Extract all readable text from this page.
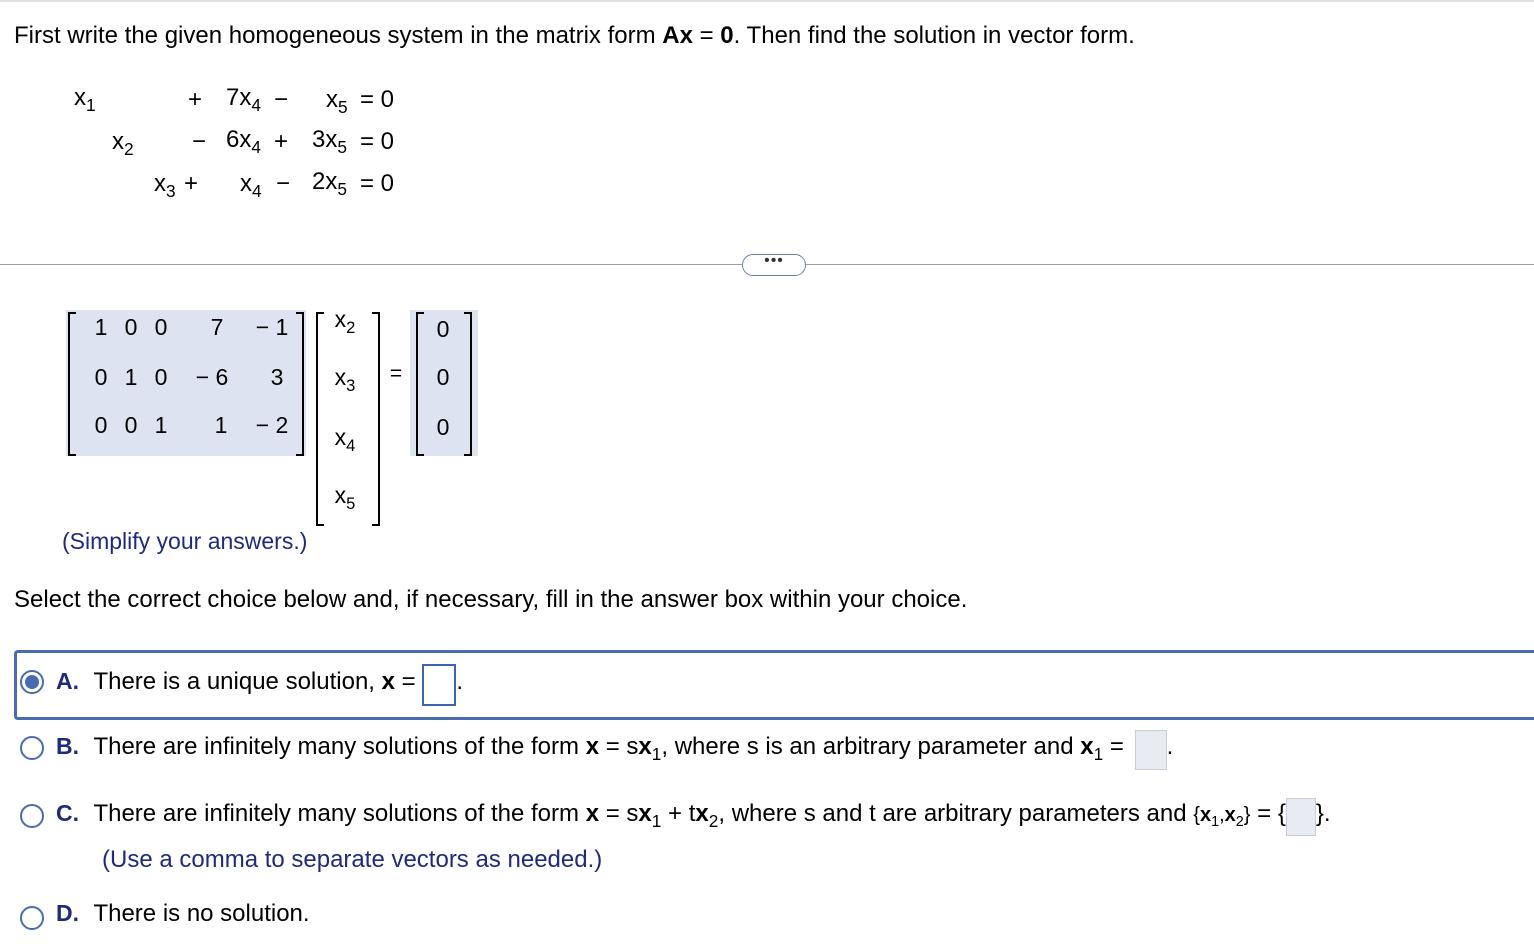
First write the given homogeneous system in the matrix form Ax = 0. Then find the solution in vector form.
$x_1$	+ $7x_4 - x_5 = 0$
$x_2 - 6x_4 + 3x_5 = 0$
$x_3 + x_4 - 2x_5 = 0$
•••
1 0 0	7	− 1
0 1 0	− 6	3
0 0 1	1	− 2
$x_2$
$x_3$
$x_4$
$x_5$
=
0
0
0
(Simplify your answers.)
Select the correct choice below and, if necessary, fill in the answer box within your choice.
A. There is a unique solution, x = .
B. There are infinitely many solutions of the form $x = sx_1$, where s is an arbitrary parameter and $x_1$ = .
C. There are infinitely many solutions of the form $x = sx_1 + tx_2$, where s and t are arbitrary parameters and $\{x_1,x_2\}$ = { }.
(Use a comma to separate vectors as needed.)
D. There is no solution.
